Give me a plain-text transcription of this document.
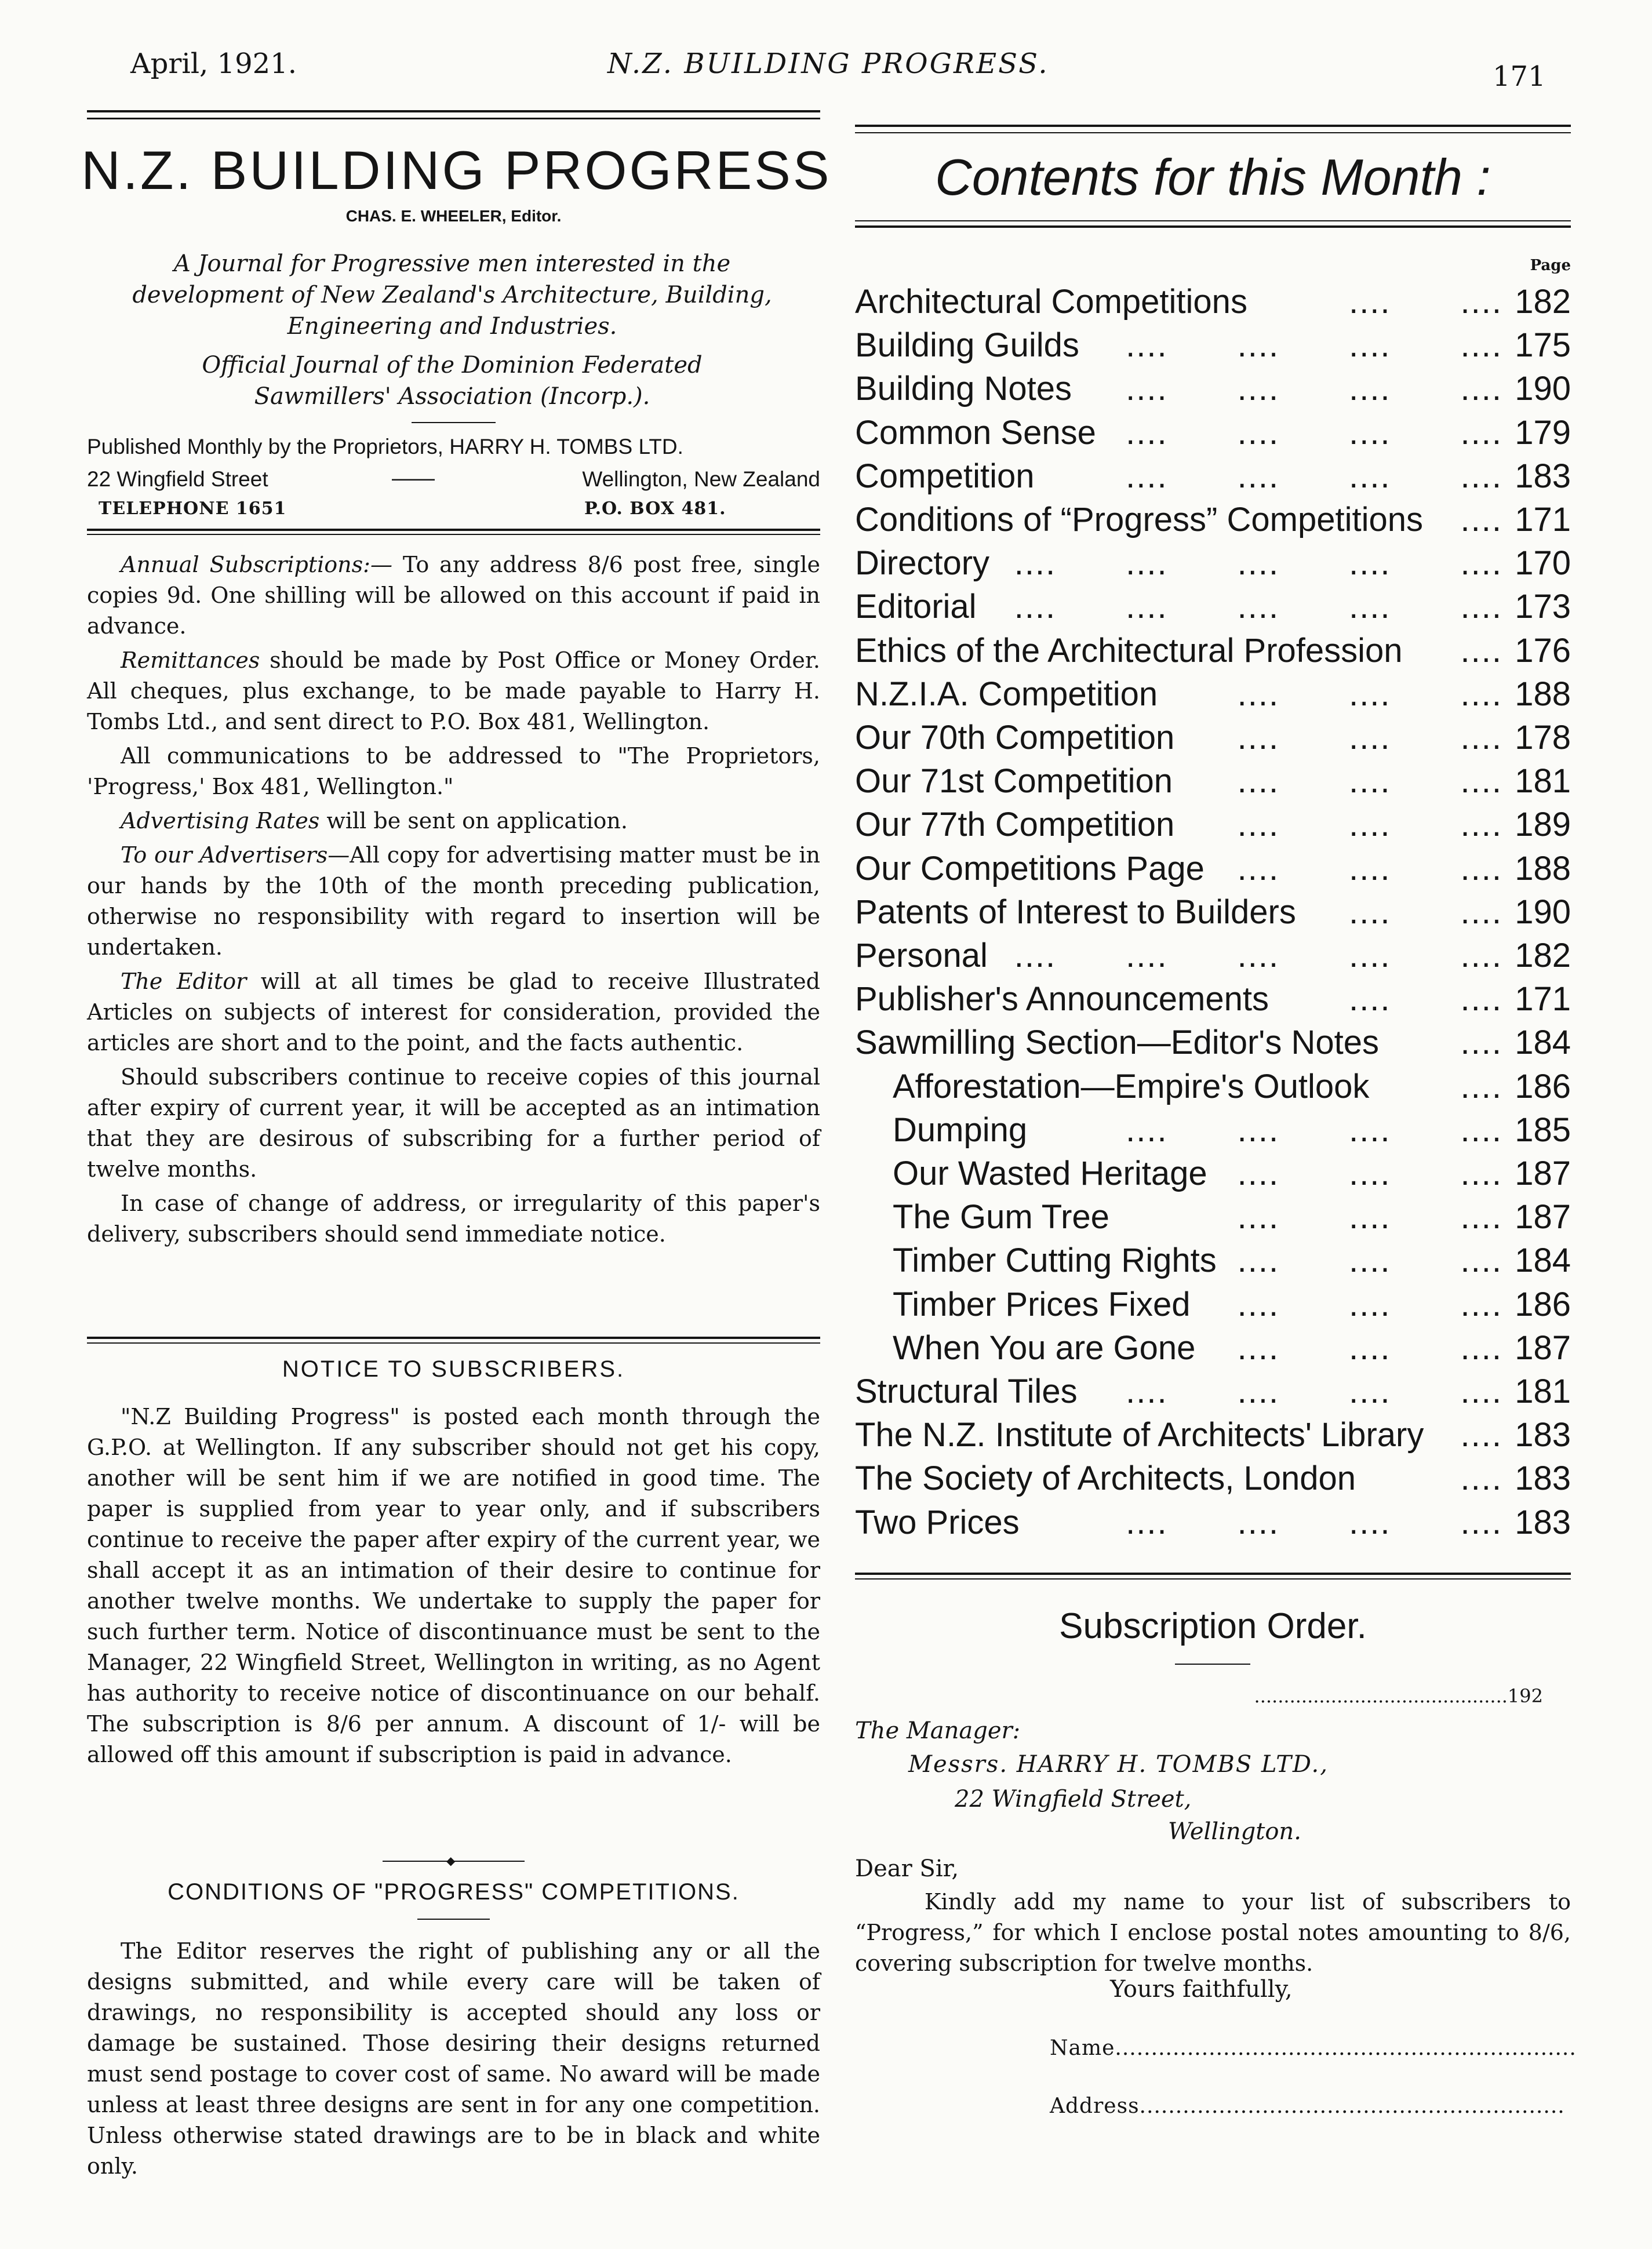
April, 1921.	N.Z. BUILDING PROGRESS.	171
N.Z. BUILDING PROGRESS
CHAS. E. WHEELER, Editor.
A Journal for Progressive men interested in the development of New Zealand's Architecture, Building, Engineering and Industries.
Official Journal of the Dominion Federated Sawmillers' Association (Incorp.).
Published Monthly by the Proprietors, HARRY H. TOMBS LTD.
22 Wingfield Street	——	Wellington, New Zealand
TELEPHONE 1651	P.O. BOX 481.

Annual Subscriptions:— To any address 8/6 post free, single copies 9d. One shilling will be allowed on this account if paid in advance.

Remittances should be made by Post Office or Money Order. All cheques, plus exchange, to be made payable to Harry H. Tombs Ltd., and sent direct to P.O. Box 481, Wellington.

All communications to be addressed to "The Proprietors, 'Progress,' Box 481, Wellington."

Advertising Rates will be sent on application.

To our Advertisers—All copy for advertising matter must be in our hands by the 10th of the month preceding publication, otherwise no responsibility with regard to insertion will be undertaken.

The Editor will at all times be glad to receive Illustrated Articles on subjects of interest for consideration, provided the articles are short and to the point, and the facts authentic.

Should subscribers continue to receive copies of this journal after expiry of current year, it will be accepted as an intimation that they are desirous of subscribing for a further period of twelve months.

In case of change of address, or irregularity of this paper's delivery, subscribers should send immediate notice.

NOTICE TO SUBSCRIBERS.

"N.Z Building Progress" is posted each month through the G.P.O. at Wellington. If any subscriber should not get his copy, another will be sent him if we are notified in good time. The paper is supplied from year to year only, and if subscribers continue to receive the paper after expiry of the current year, we shall accept it as an intimation of their desire to continue for another twelve months. We undertake to supply the paper for such further term. Notice of discontinuance must be sent to the Manager, 22 Wingfield Street, Wellington in writing, as no Agent has authority to receive notice of discontinuance on our behalf. The subscription is 8/6 per annum. A discount of 1/- will be allowed off this amount if subscription is paid in advance.

◆
CONDITIONS OF "PROGRESS" COMPETITIONS.

The Editor reserves the right of publishing any or all the designs submitted, and while every care will be taken of drawings, no responsibility is accepted should any loss or damage be sustained. Those desiring their designs returned must send postage to cover cost of same. No award will be made unless at least three designs are sent in for any one competition. Unless otherwise stated drawings are to be in black and white only.

Contents for this Month :
Page
Architectural Competitions	....  .... 182
Building Guilds ....  ....  ....  .... 175
Building Notes ....  ....  ....  .... 190
Common Sense ....  ....  ....  .... 179
Competition	....  ....  ....  .... 183
Conditions of “Progress” Competitions .... 171
Directory ....  ....  ....  ....  .... 170
Editorial ....  ....  ....  ....  .... 173
Ethics of the Architectural Profession .... 176
N.Z.I.A. Competition ....  ....  .... 188
Our 70th Competition ....  ....  .... 178
Our 71st Competition ....  ....  .... 181
Our 77th Competition ....  ....  .... 189
Our Competitions Page ....  ....  .... 188
Patents of Interest to Builders ....  .... 190
Personal ....  ....  ....  ....  .... 182
Publisher's Announcements ....  .... 171
Sawmilling Section—Editor's Notes .... 184
Afforestation—Empire's Outlook	.... 186
Dumping	....  ....  ....  .... 185
Our Wasted Heritage ....  ....  .... 187
The Gum Tree	....  ....  .... 187
Timber Cutting Rights ....  ....  .... 184
Timber Prices Fixed ....  ....  .... 186
When You are Gone ....  ....  .... 187
Structural Tiles ....  ....  ....  .... 181
The N.Z. Institute of Architects' Library .... 183
The Society of Architects, London	.... 183
Two Prices	....  ....  ....  .... 183
Subscription Order.
...........................................192
The Manager:
Messrs. HARRY H. TOMBS LTD.,
22 Wingfield Street,
Wellington.
Dear Sir,

Kindly add my name to your list of subscribers to “Progress,” for which I enclose postal notes amounting to 8/6, covering subscription for twelve months.

Yours faithfully,
Name................................................................
Address...........................................................
